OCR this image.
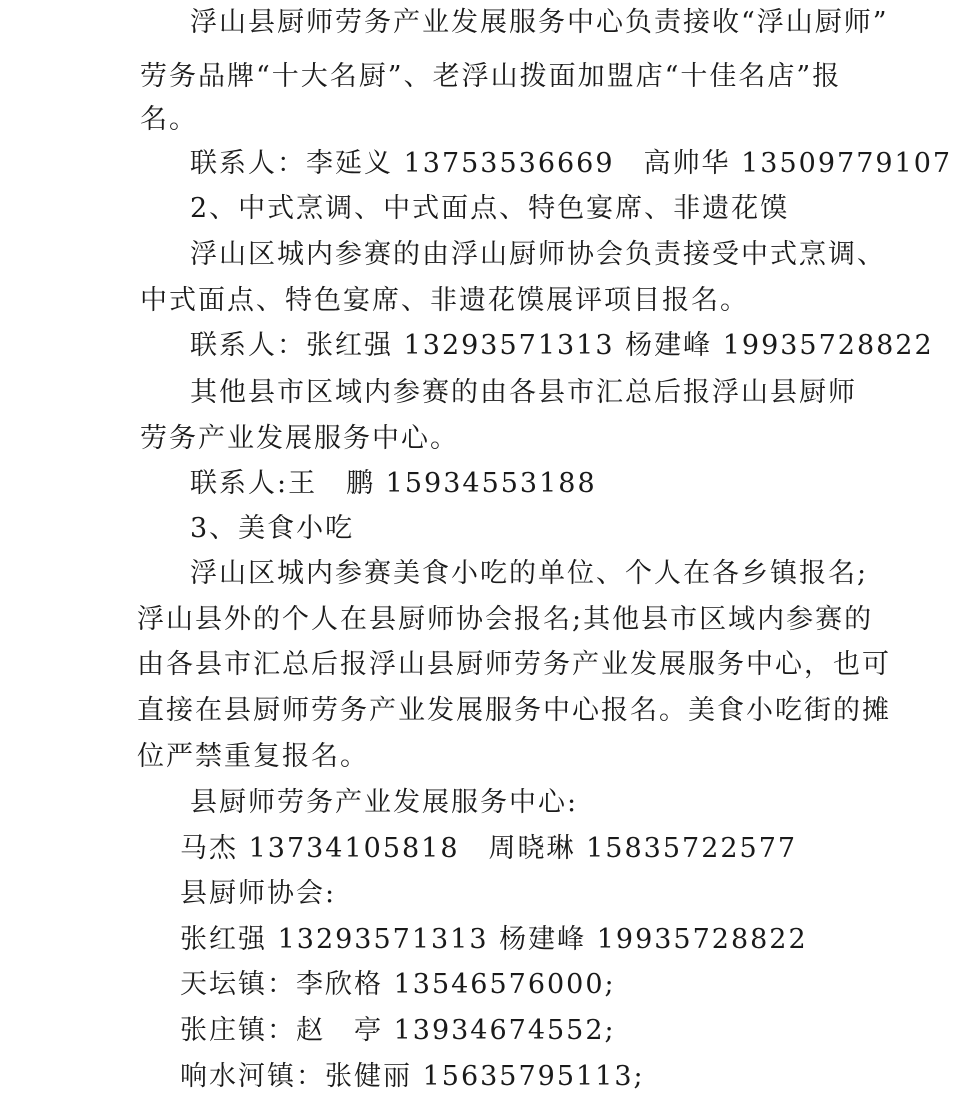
浮山县厨师劳务产业发展服务中心负责接收“浮山厨师”
劳务品牌“十大名厨”、老浮山拨面加盟店“十佳名店”报
名。
联系人：李延义 13753536669　高帅华 13509779107
2、中式烹调、中式面点、特色宴席、非遗花馍
浮山区城内参赛的由浮山厨师协会负责接受中式烹调、
中式面点、特色宴席、非遗花馍展评项目报名。
联系人：张红强 13293571313 杨建峰 19935728822
其他县市区域内参赛的由各县市汇总后报浮山县厨师
劳务产业发展服务中心。
联系人:王　鹏 15934553188
3、美食小吃
浮山区城内参赛美食小吃的单位、个人在各乡镇报名;
浮山县外的个人在县厨师协会报名;其他县市区域内参赛的
由各县市汇总后报浮山县厨师劳务产业发展服务中心，也可
直接在县厨师劳务产业发展服务中心报名。美食小吃街的摊
位严禁重复报名。
县厨师劳务产业发展服务中心:
马杰 13734105818　周晓琳 15835722577
县厨师协会:
张红强 13293571313 杨建峰 19935728822
天坛镇：李欣格 13546576000;
张庄镇：赵　亭 13934674552;
响水河镇：张健丽 15635795113;
